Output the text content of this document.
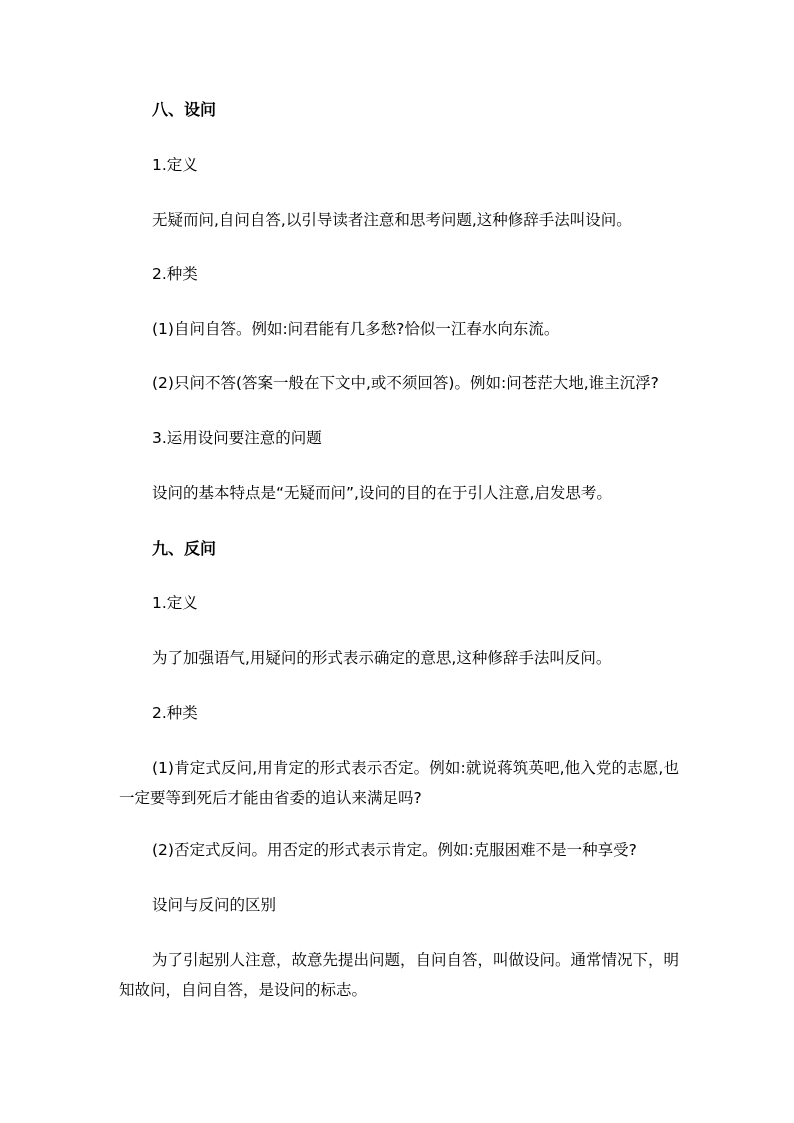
八、设问

1.定义

无疑而问,自问自答,以引导读者注意和思考问题,这种修辞手法叫设问。

2.种类

(1)自问自答。例如:问君能有几多愁?恰似一江春水向东流。

(2)只问不答(答案一般在下文中,或不须回答)。例如:问苍茫大地,谁主沉浮?

3.运用设问要注意的问题

设问的基本特点是“无疑而问”,设问的目的在于引人注意,启发思考。

九、反问

1.定义

为了加强语气,用疑问的形式表示确定的意思,这种修辞手法叫反问。

2.种类

(1)肯定式反问,用肯定的形式表示否定。例如:就说蒋筑英吧,他入党的志愿,也一定要等到死后才能由省委的追认来满足吗?

(2)否定式反问。用否定的形式表示肯定。例如:克服困难不是一种享受?

设问与反问的区别

为了引起别人注意，故意先提出问题，自问自答，叫做设问。通常情况下，明知故问，自问自答，是设问的标志。
